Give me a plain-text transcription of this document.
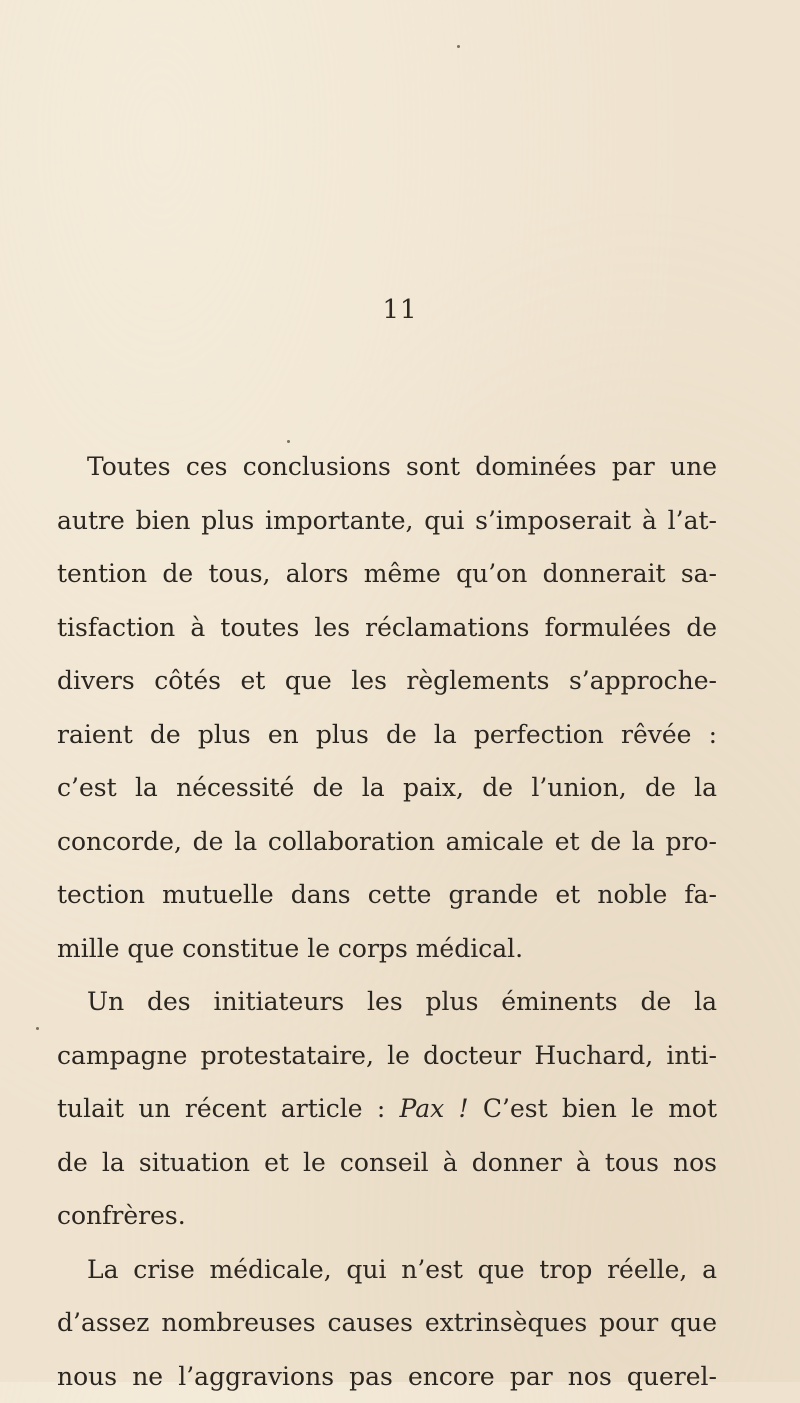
11
Toutes ces conclusions sont dominées par une
autre bien plus importante, qui s’imposerait à l’at-
tention de tous, alors même qu’on donnerait sa-
tisfaction à toutes les réclamations formulées de
divers côtés et que les règlements s’approche-
raient de plus en plus de la perfection rêvée :
c’est la nécessité de la paix, de l’union, de la
concorde, de la collaboration amicale et de la pro-
tection mutuelle dans cette grande et noble fa-
mille que constitue le corps médical.
Un des initiateurs les plus éminents de la
campagne protestataire, le docteur Huchard, inti-
tulait un récent article : Pax ! C’est bien le mot
de la situation et le conseil à donner à tous nos
confrères.
La crise médicale, qui n’est que trop réelle, a
d’assez nombreuses causes extrinsèques pour que
nous ne l’aggravions pas encore par nos querel-
